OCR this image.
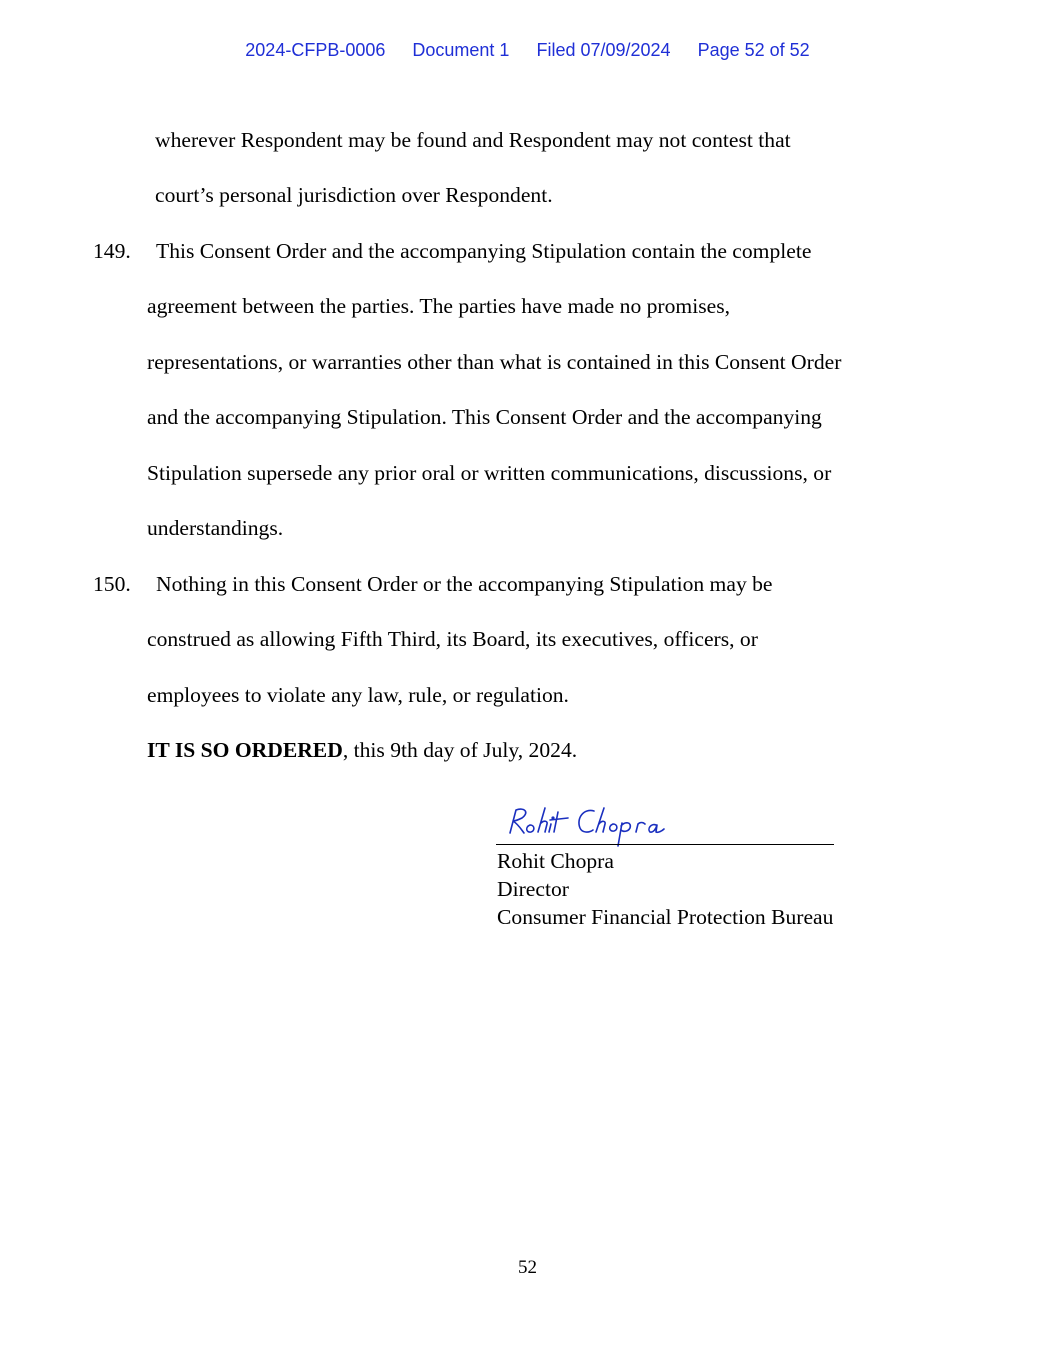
2024-CFPB-0006 Document 1 Filed 07/09/2024 Page 52 of 52
wherever Respondent may be found and Respondent may not contest that
court’s personal jurisdiction over Respondent.
149. This Consent Order and the accompanying Stipulation contain the complete
agreement between the parties. The parties have made no promises,
representations, or warranties other than what is contained in this Consent Order
and the accompanying Stipulation. This Consent Order and the accompanying
Stipulation supersede any prior oral or written communications, discussions, or
understandings.
150. Nothing in this Consent Order or the accompanying Stipulation may be
construed as allowing Fifth Third, its Board, its executives, officers, or
employees to violate any law, rule, or regulation.
IT IS SO ORDERED, this 9th day of July, 2024.
Rohit Chopra
Director
Consumer Financial Protection Bureau
52
